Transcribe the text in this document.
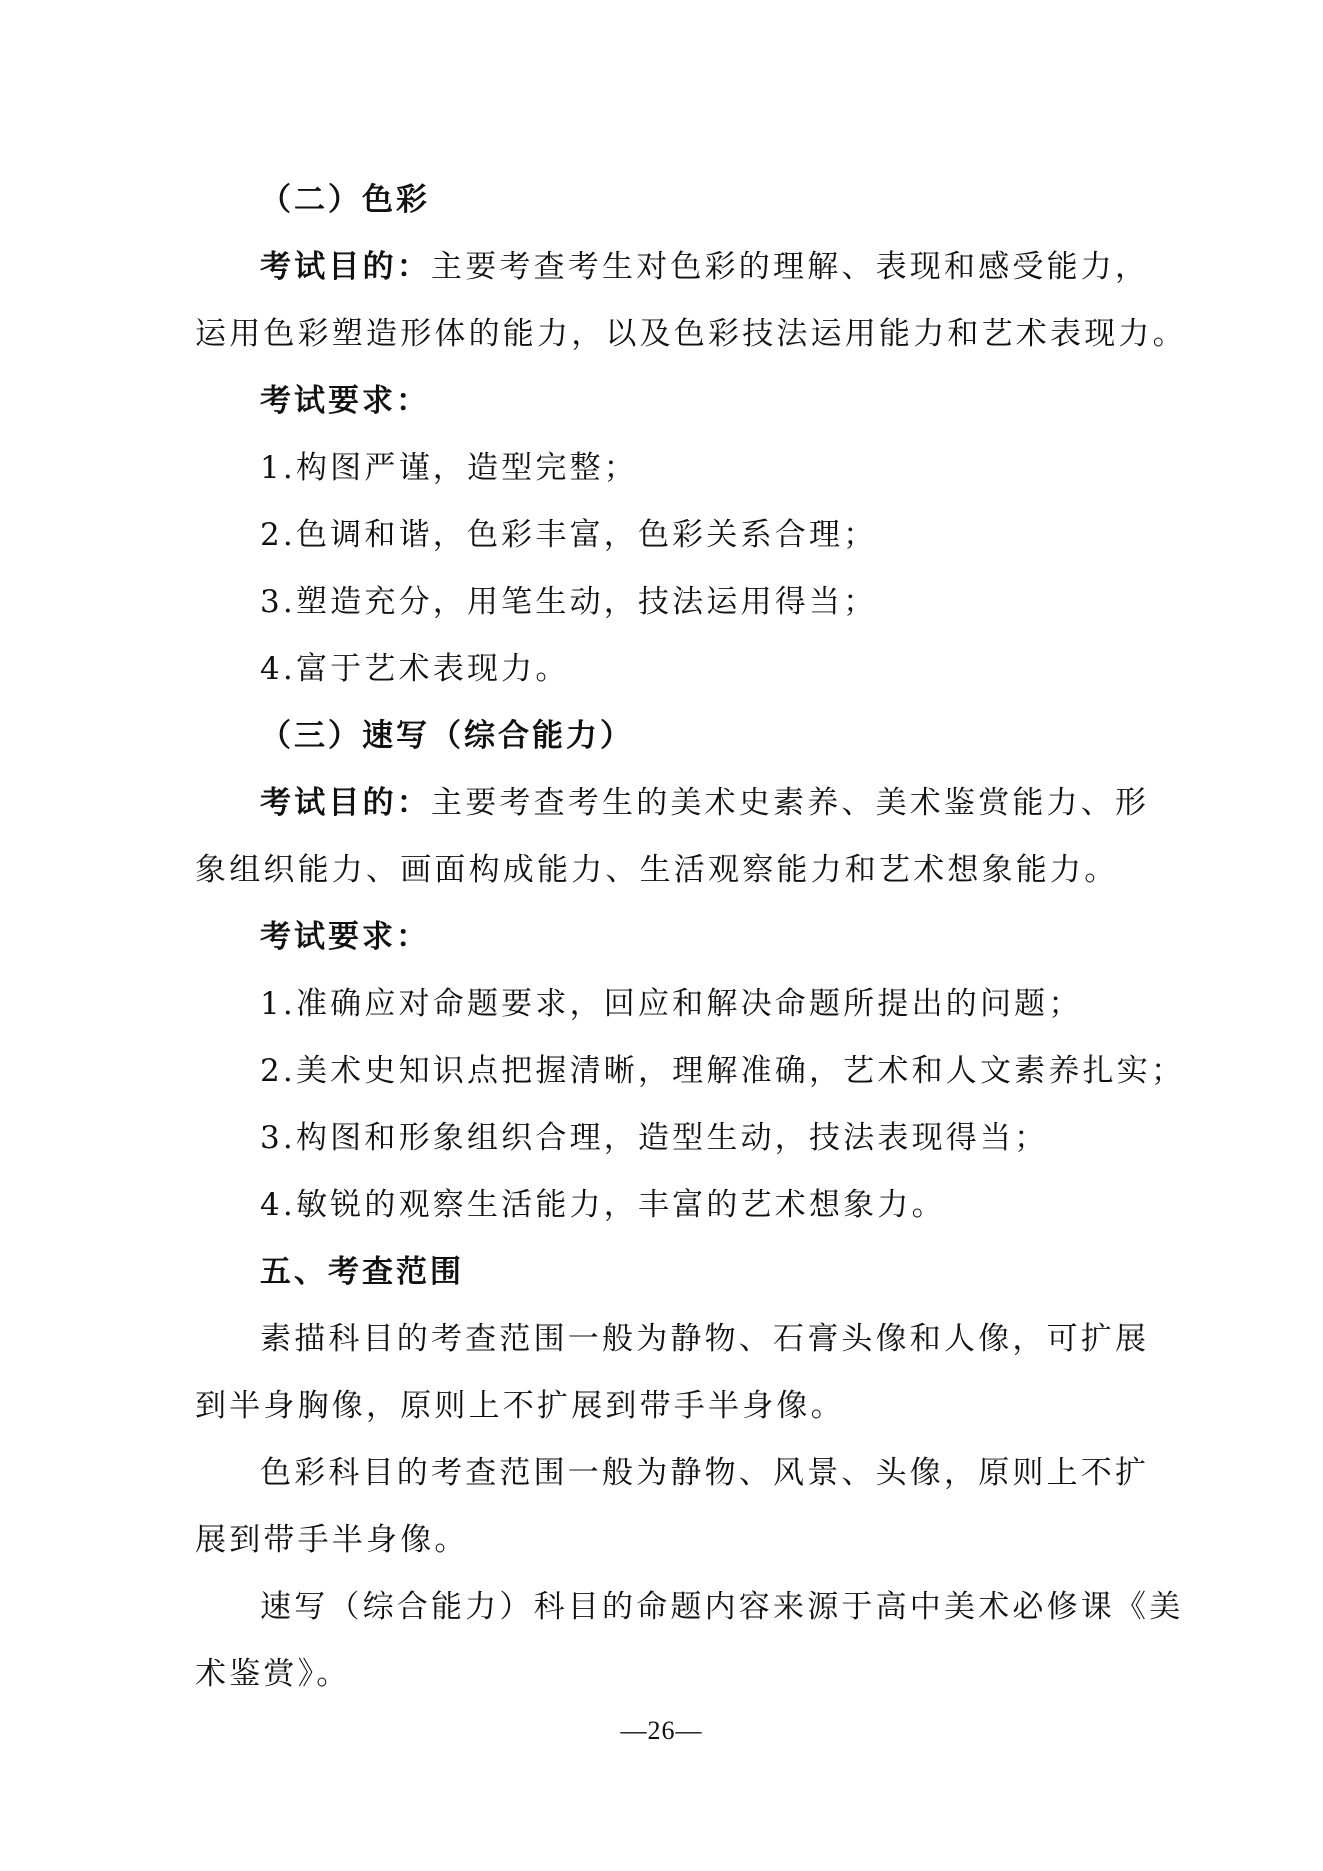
（二）色彩
考试目的：主要考查考生对色彩的理解、表现和感受能力，
运用色彩塑造形体的能力，以及色彩技法运用能力和艺术表现力。
考试要求：
1.构图严谨，造型完整；
2.色调和谐，色彩丰富，色彩关系合理；
3.塑造充分，用笔生动，技法运用得当；
4.富于艺术表现力。
（三）速写（综合能力）
考试目的：主要考查考生的美术史素养、美术鉴赏能力、形
象组织能力、画面构成能力、生活观察能力和艺术想象能力。
考试要求：
1.准确应对命题要求，回应和解决命题所提出的问题；
2.美术史知识点把握清晰，理解准确，艺术和人文素养扎实；
3.构图和形象组织合理，造型生动，技法表现得当；
4.敏锐的观察生活能力，丰富的艺术想象力。
五、考查范围
素描科目的考查范围一般为静物、石膏头像和人像，可扩展
到半身胸像，原则上不扩展到带手半身像。
色彩科目的考查范围一般为静物、风景、头像，原则上不扩
展到带手半身像。
速写（综合能力）科目的命题内容来源于高中美术必修课《美
术鉴赏》。
—26—
